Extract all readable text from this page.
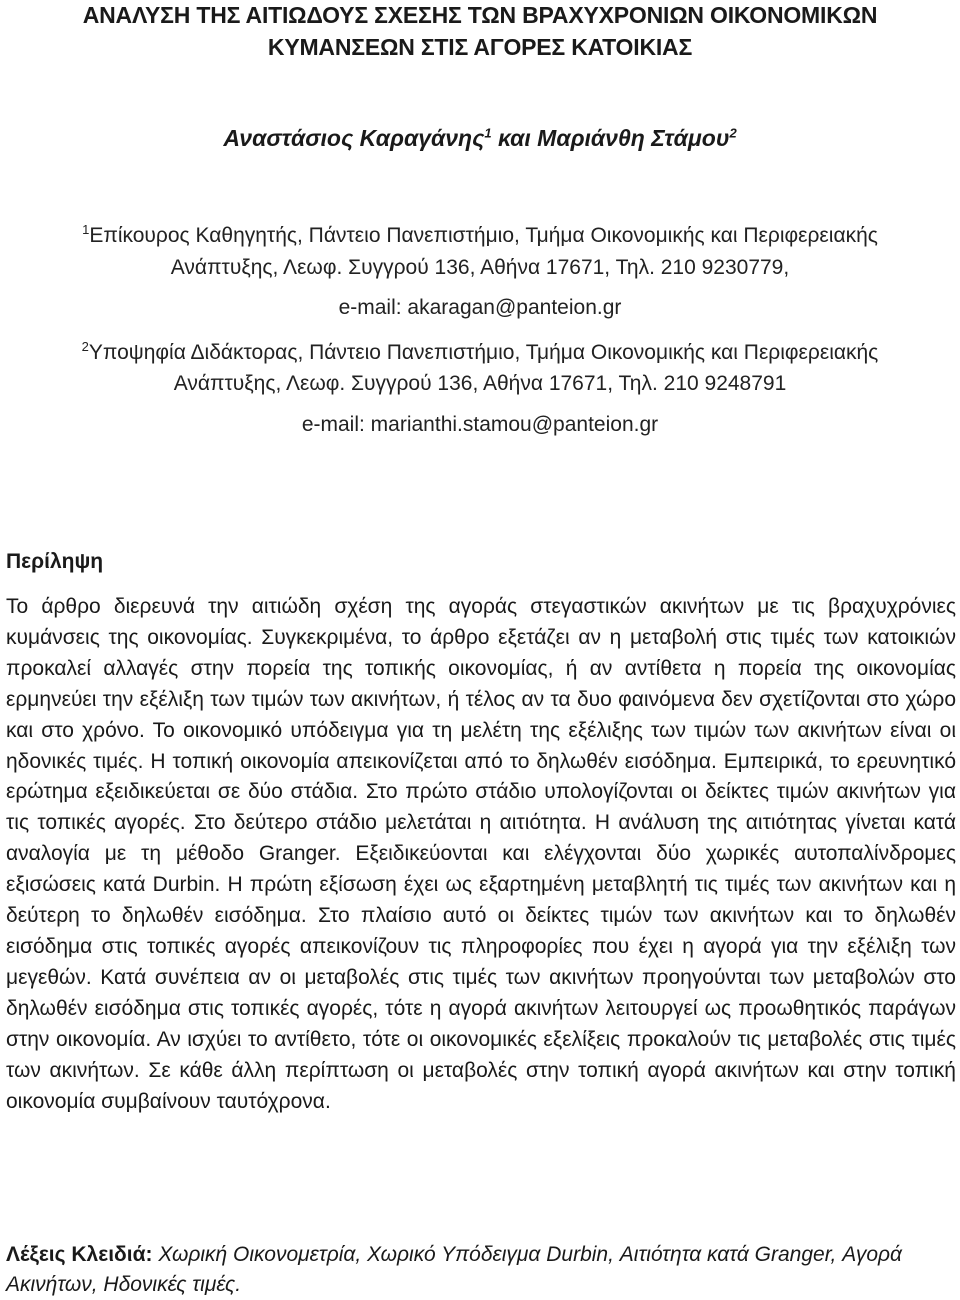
ΑΝΑΛΥΣΗ ΤΗΣ ΑΙΤΙΩΔΟΥΣ ΣΧΕΣΗΣ ΤΩΝ ΒΡΑΧΥΧΡΟΝΙΩΝ ΟΙΚΟΝΟΜΙΚΩΝ
ΚΥΜΑΝΣΕΩΝ ΣΤΙΣ ΑΓΟΡΕΣ ΚΑΤΟΙΚΙΑΣ
Αναστάσιος Καραγάνης$^1$ και Μαριάνθη Στάμου$^2$
$^1$Επίκουρος Καθηγητής, Πάντειο Πανεπιστήμιο, Τμήμα Οικονομικής και Περιφερειακής
Ανάπτυξης, Λεωφ. Συγγρού 136, Αθήνα 17671, Τηλ. 210 9230779,
e-mail: akaragan@panteion.gr
$^2$Υποψηφία Διδάκτορας, Πάντειο Πανεπιστήμιο, Τμήμα Οικονομικής και Περιφερειακής
Ανάπτυξης, Λεωφ. Συγγρού 136, Αθήνα 17671, Τηλ. 210 9248791
e-mail: marianthi.stamou@panteion.gr
Περίληψη

Το άρθρο διερευνά την αιτιώδη σχέση της αγοράς στεγαστικών ακινήτων με τις βραχυχρόνιες κυμάνσεις της οικονομίας. Συγκεκριμένα, το άρθρο εξετάζει αν η μεταβολή στις τιμές των κατοικιών προκαλεί αλλαγές στην πορεία της τοπικής οικονομίας, ή αν αντίθετα η πορεία της οικονομίας ερμηνεύει την εξέλιξη των τιμών των ακινήτων, ή τέλος αν τα δυο φαινόμενα δεν σχετίζονται στο χώρο και στο χρόνο. Το οικονομικό υπόδειγμα για τη μελέτη της εξέλιξης των τιμών των ακινήτων είναι οι ηδονικές τιμές. Η τοπική οικονομία απεικονίζεται από το δηλωθέν εισόδημα. Εμπειρικά, το ερευνητικό ερώτημα εξειδικεύεται σε δύο στάδια. Στο πρώτο στάδιο υπολογίζονται οι δείκτες τιμών ακινήτων για τις τοπικές αγορές. Στο δεύτερο στάδιο μελετάται η αιτιότητα. Η ανάλυση της αιτιότητας γίνεται κατά αναλογία με τη μέθοδο Granger. Εξειδικεύονται και ελέγχονται δύο χωρικές αυτοπαλίνδρομες εξισώσεις κατά Durbin. Η πρώτη εξίσωση έχει ως εξαρτημένη μεταβλητή τις τιμές των ακινήτων και η δεύτερη το δηλωθέν εισόδημα. Στο πλαίσιο αυτό οι δείκτες τιμών των ακινήτων και το δηλωθέν εισόδημα στις τοπικές αγορές απεικονίζουν τις πληροφορίες που έχει η αγορά για την εξέλιξη των μεγεθών. Κατά συνέπεια αν οι μεταβολές στις τιμές των ακινήτων προηγούνται των μεταβολών στο δηλωθέν εισόδημα στις τοπικές αγορές, τότε η αγορά ακινήτων λειτουργεί ως προωθητικός παράγων στην οικονομία. Αν ισχύει το αντίθετο, τότε οι οικονομικές εξελίξεις προκαλούν τις μεταβολές στις τιμές των ακινήτων. Σε κάθε άλλη περίπτωση οι μεταβολές στην τοπική αγορά ακινήτων και στην τοπική οικονομία συμβαίνουν ταυτόχρονα.

Λέξεις Κλειδιά: Χωρική Οικονομετρία, Χωρικό Υπόδειγμα Durbin, Αιτιότητα κατά Granger, Αγορά Ακινήτων, Ηδονικές τιμές.
